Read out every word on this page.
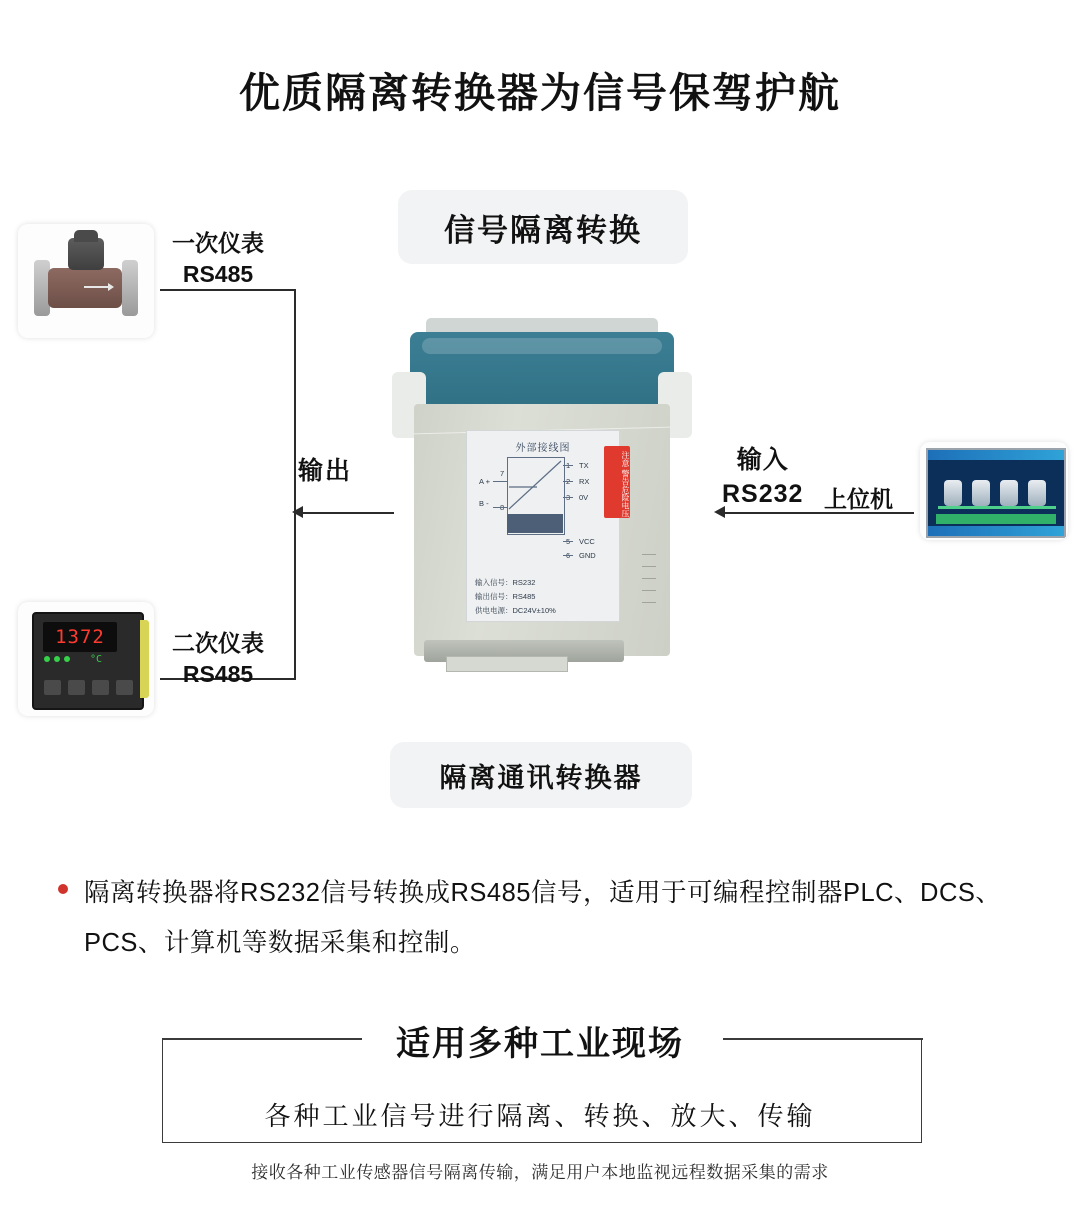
优质隔离转换器为信号保驾护航
信号隔离转换
隔离通讯转换器
1372
°C
外部接线图
A +
7
B -
TX
RX
0V
VCC
GND
输入信号：RS232
输出信号：RS485
供电电源：DC24V±10%
注意 警告危险电压
一次仪表
RS485
二次仪表
RS485
输出	输入
RS232 上位机
隔离转换器将RS232信号转换成RS485信号，适用于可编程控制器PLC、DCS、PCS、计算机等数据采集和控制。
适用多种工业现场
各种工业信号进行隔离、转换、放大、传输
接收各种工业传感器信号隔离传输，满足用户本地监视远程数据采集的需求
